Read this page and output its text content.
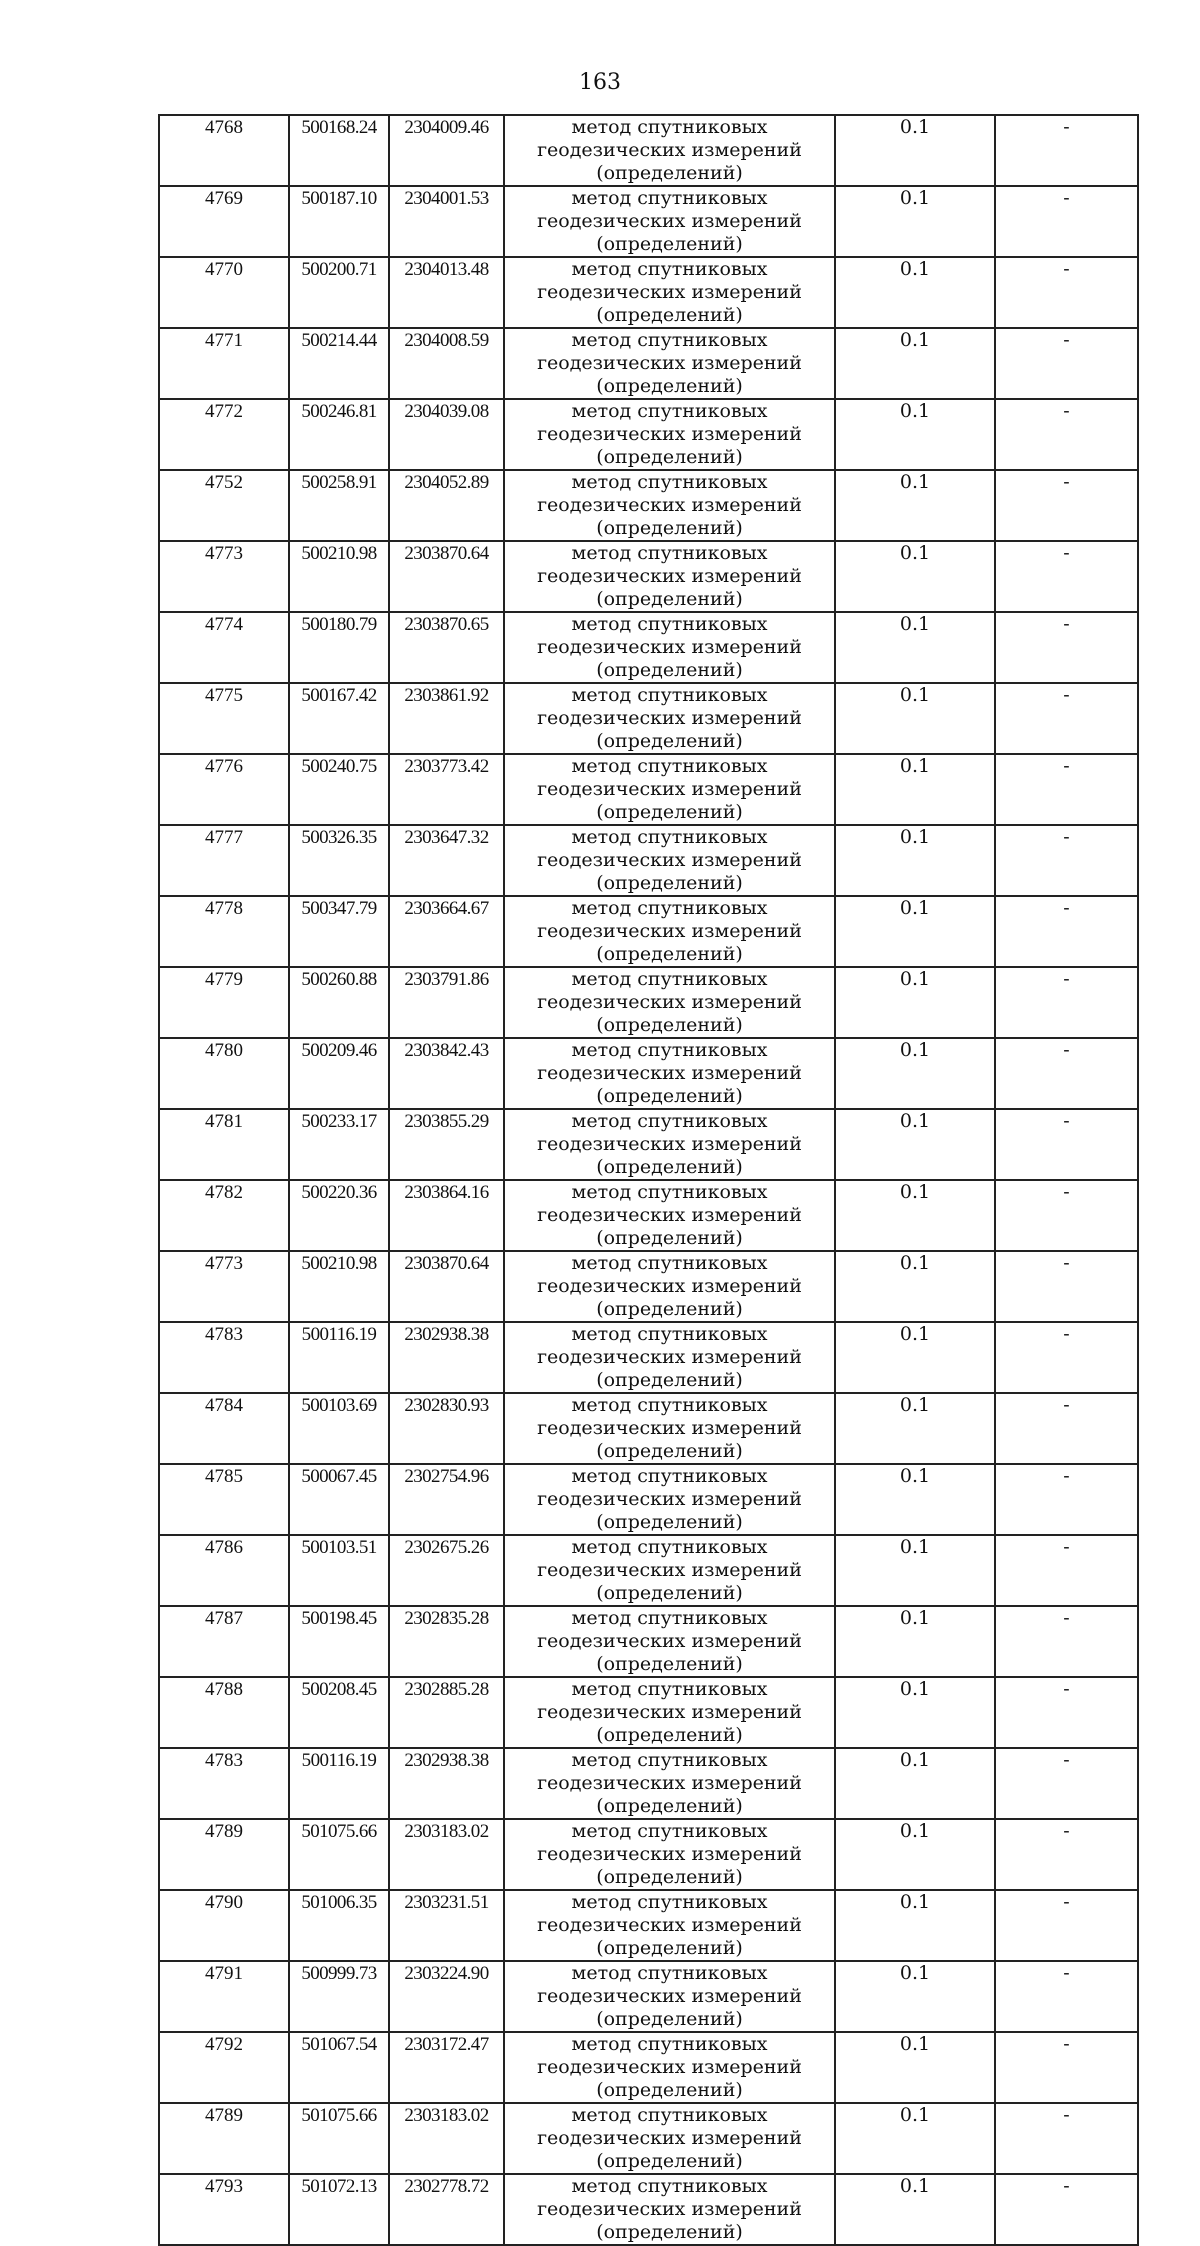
163
4768	500168.24	2304009.46	метод спутниковых геодезических измерений (определений)	0.1	-
4769	500187.10	2304001.53	метод спутниковых геодезических измерений (определений)	0.1	-
4770	500200.71	2304013.48	метод спутниковых геодезических измерений (определений)	0.1	-
4771	500214.44	2304008.59	метод спутниковых геодезических измерений (определений)	0.1	-
4772	500246.81	2304039.08	метод спутниковых геодезических измерений (определений)	0.1	-
4752	500258.91	2304052.89	метод спутниковых геодезических измерений (определений)	0.1	-
4773	500210.98	2303870.64	метод спутниковых геодезических измерений (определений)	0.1	-
4774	500180.79	2303870.65	метод спутниковых геодезических измерений (определений)	0.1	-
4775	500167.42	2303861.92	метод спутниковых геодезических измерений (определений)	0.1	-
4776	500240.75	2303773.42	метод спутниковых геодезических измерений (определений)	0.1	-
4777	500326.35	2303647.32	метод спутниковых геодезических измерений (определений)	0.1	-
4778	500347.79	2303664.67	метод спутниковых геодезических измерений (определений)	0.1	-
4779	500260.88	2303791.86	метод спутниковых геодезических измерений (определений)	0.1	-
4780	500209.46	2303842.43	метод спутниковых геодезических измерений (определений)	0.1	-
4781	500233.17	2303855.29	метод спутниковых геодезических измерений (определений)	0.1	-
4782	500220.36	2303864.16	метод спутниковых геодезических измерений (определений)	0.1	-
4773	500210.98	2303870.64	метод спутниковых геодезических измерений (определений)	0.1	-
4783	500116.19	2302938.38	метод спутниковых геодезических измерений (определений)	0.1	-
4784	500103.69	2302830.93	метод спутниковых геодезических измерений (определений)	0.1	-
4785	500067.45	2302754.96	метод спутниковых геодезических измерений (определений)	0.1	-
4786	500103.51	2302675.26	метод спутниковых геодезических измерений (определений)	0.1	-
4787	500198.45	2302835.28	метод спутниковых геодезических измерений (определений)	0.1	-
4788	500208.45	2302885.28	метод спутниковых геодезических измерений (определений)	0.1	-
4783	500116.19	2302938.38	метод спутниковых геодезических измерений (определений)	0.1	-
4789	501075.66	2303183.02	метод спутниковых геодезических измерений (определений)	0.1	-
4790	501006.35	2303231.51	метод спутниковых геодезических измерений (определений)	0.1	-
4791	500999.73	2303224.90	метод спутниковых геодезических измерений (определений)	0.1	-
4792	501067.54	2303172.47	метод спутниковых геодезических измерений (определений)	0.1	-
4789	501075.66	2303183.02	метод спутниковых геодезических измерений (определений)	0.1	-
4793	501072.13	2302778.72	метод спутниковых геодезических измерений (определений)	0.1	-
